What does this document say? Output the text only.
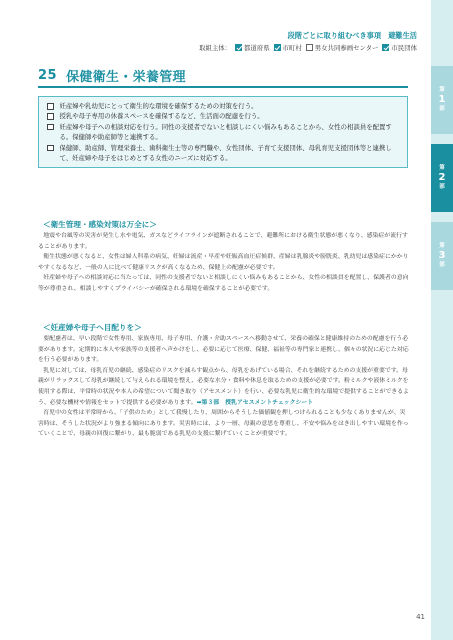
段階ごとに取り組むべき事項　避難生活
取組主体： 都道府県 市町村 男女共同参画センター 市民団体
25 保健衛生・栄養管理
妊産婦や乳幼児にとって衛生的な環境を確保するための対策を行う。
授乳や母子専用の休養スペースを確保するなど、生活面の配慮を行う。
妊産婦や母子への相談対応を行う。同性の支援者でないと相談しにくい悩みもあることから、女性の相談員を配置する。保健師や助産師等と連携する。
保健師、助産師、管理栄養士、歯科衛生士等の専門職や、女性団体、子育て支援団体、母乳育児支援団体等と連携して、妊産婦や母子をはじめとする女性のニーズに対応する。
＜衛生管理・感染対策は万全に＞

地震や台風等の災害が発生し水や電気、ガスなどライフラインが遮断されることで、避難所における衛生状態が悪くなり、感染症が流行することがあります。

衛生状態が悪くなると、女性は婦人科系の病気、妊婦は流産・早産や妊娠高血圧症候群、産婦は乳腺炎や膀胱炎、乳幼児は感染症にかかりやすくなるなど、一般の人に比べて健康リスクが高くなるため、保健上の配慮が必要です。

妊産婦や母子への相談対応に当たっては、同性の支援者でないと相談しにくい悩みもあることから、女性の相談員を配置し、保護者の意向等が尊重され、相談しやすくプライバシーが確保される環境を確保することが必要です。

＜妊産婦や母子へ目配りを＞

要配慮者は、早い段階で女性専用、家族専用、母子専用、介護・介助スペースへ移動させて、栄養の確保と健康維持のための配慮を行う必要があります。定期的に本人や家族等の支援者へ声かけをし、必要に応じて医療、保健、福祉等の専門家と連携し、個々の状況に応じた対応を行う必要があります。

乳児に対しては、母乳育児の継続、感染症のリスクを減らす観点から、母乳をあげている場合、それを継続するための支援が重要です。母親がリラックスして母乳が継続して与えられる環境を整え、必要な水分・食料や休息を取るための支援が必要です。粉ミルクや液体ミルクを使用する際は、平常時の状況や本人の希望について聞き取り（アセスメント）を行い、必要な乳児に衛生的な環境で提供することができるよう、必要な機材や情報をセットで提供する必要があります。➡第３部　授乳アセスメントチェックシート

育児中の女性は平常時から、「子供のため」として我慢したり、周囲からそうした価値観を押しつけられることも少なくありませんが、災害時は、そうした状況がより強まる傾向にあります。災害時には、より一層、母親の意思を尊重し、不安や悩みをはき出しやすい環境を作っていくことで、母親の回復に繋がり、最も脆弱である乳児の支援に繋げていくことが重要です。

第
1
部
第
2
部
第
3
部
41
